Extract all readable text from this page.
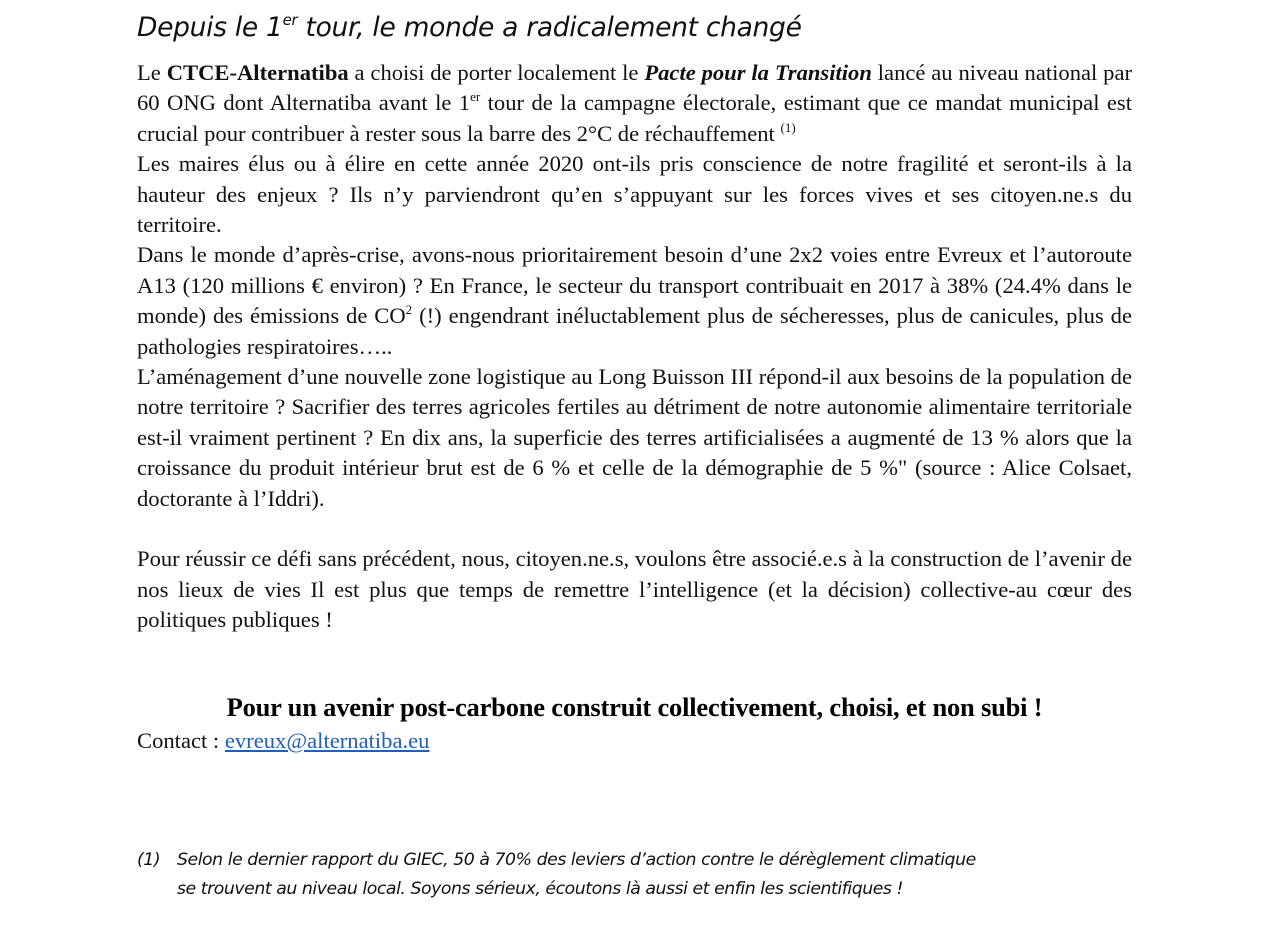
Depuis le 1er tour, le monde a radicalement changé

Le CTCE-Alternatiba a choisi de porter localement le Pacte pour la Transition lancé au niveau national par 60 ONG dont Alternatiba avant le 1er tour de la campagne électorale, estimant que ce mandat municipal est crucial pour contribuer à rester sous la barre des 2°C de réchauffement $^{(1)}$

Les maires élus ou à élire en cette année 2020 ont-ils pris conscience de notre fragilité et seront-ils à la hauteur des enjeux ? Ils n’y parviendront qu’en s’appuyant sur les forces vives et ses citoyen.ne.s du territoire.

Dans le monde d’après-crise, avons-nous prioritairement besoin d’une 2x2 voies entre Evreux et l’autoroute A13 (120 millions € environ) ? En France, le secteur du transport contribuait en 2017 à 38% (24.4% dans le monde) des émissions de $CO^2$ (!) engendrant inéluctablement plus de sécheresses, plus de canicules, plus de pathologies respiratoires…..

L’aménagement d’une nouvelle zone logistique au Long Buisson III répond-il aux besoins de la population de notre territoire ? Sacrifier des terres agricoles fertiles au détriment de notre autonomie alimentaire territoriale est-il vraiment pertinent ? En dix ans, la superficie des terres artificialisées a augmenté de 13 % alors que la croissance du produit intérieur brut est de 6 % et celle de la démographie de 5 %" (source : Alice Colsaet, doctorante à l’Iddri).

Pour réussir ce défi sans précédent, nous, citoyen.ne.s, voulons être associé.e.s à la construction de l’avenir de nos lieux de vies Il est plus que temps de remettre l’intelligence (et la décision) collective-au cœur des politiques publiques !

Pour un avenir post-carbone construit collectivement, choisi, et non subi !
Contact : evreux@alternatiba.eu
(1) Selon le dernier rapport du GIEC, 50 à 70% des leviers d’action contre le dérèglement climatique
se trouvent au niveau local. Soyons sérieux, écoutons là aussi et enfin les scientifiques !
